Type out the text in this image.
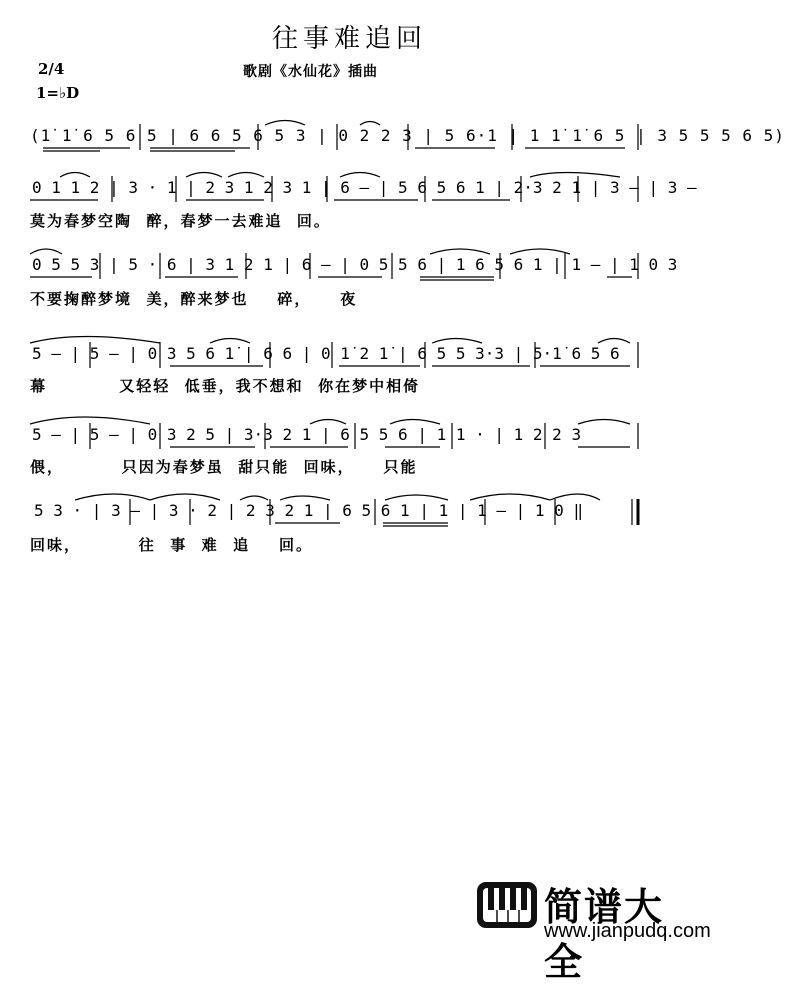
往事难追回
2/4
1=♭D
歌剧《水仙花》插曲
(1̇ 1̇ 6 5 6 5 | 6 6 5 6 5 3 | 0 2 2 3 | 5 6·1 | 1 1̇ 1̇ 6 5 | 3 5 5 5 6 5)
0 1 1 2 | 3 · 1 | 2 3 1 2 3 1 | 6 – | 5 6 5 6 1 | 2·3 2 1 | 3 – | 3 –
莫为春梦空陶  醉，春梦一去难追  回。
0 5 5 3 | 5 · 6 | 3 1 2 1 | 6 – | 0 5 5 6 | 1 6 5 6 1 | 1 – | 1 0 3
不要掬醉梦境  美，醉来梦也    碎，    夜
5 – | 5 – | 0 3 5 6 1̇ | 6 6 | 0 1̇ 2 1̇ | 6 5 5 3·3 | 5·1̇ 6 5 6
幕          又轻轻  低垂，我不想和  你在梦中相倚
5 – | 5 – | 0 3 2 5 | 3·3 2 1 | 6 5 5 6 | 1 1 · | 1 2 2 3
偎，        只因为春梦虽  甜只能  回味，    只能
5 3 · | 3 – | 3 · 2 | 2 3 2 1 | 6 5 6 1 | 1 | 1 – | 1 0 ‖
回味，        往  事  难  追    回。
简谱大全
www.jianpudq.com
